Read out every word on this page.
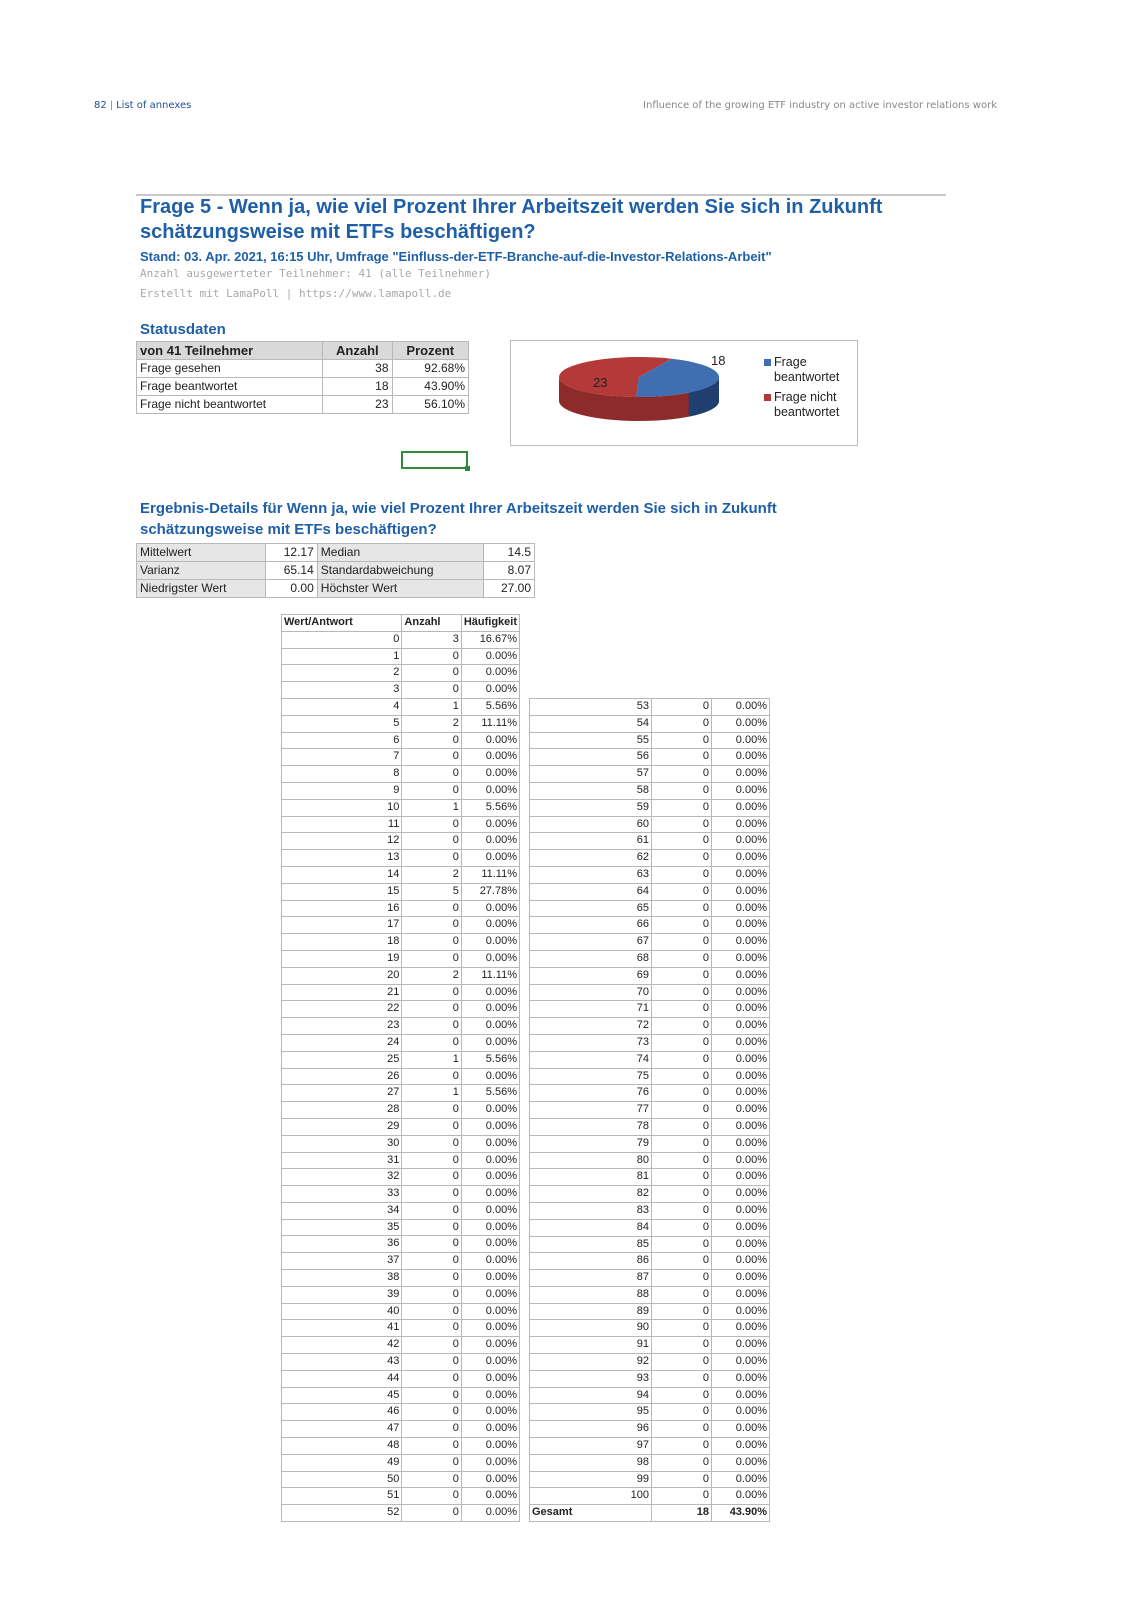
82 | List of annexes	Influence of the growing ETF industry on active investor relations work
Frage 5 - Wenn ja, wie viel Prozent Ihrer Arbeitszeit werden Sie sich in Zukunft schätzungsweise mit ETFs beschäftigen?
Stand: 03. Apr. 2021, 16:15 Uhr, Umfrage "Einfluss-der-ETF-Branche-auf-die-Investor-Relations-Arbeit"
Anzahl ausgewerteter Teilnehmer: 41 (alle Teilnehmer)
Erstellt mit LamaPoll | https://www.lamapoll.de
Statusdaten
von 41 Teilnehmer	Anzahl	Prozent
Frage gesehen	38	92.68%
Frage beantwortet	18	43.90%
Frage nicht beantwortet	23	56.10%
18
23
Frage beantwortet
Frage nicht beantwortet
Ergebnis-Details für Wenn ja, wie viel Prozent Ihrer Arbeitszeit werden Sie sich in Zukunft schätzungsweise mit ETFs beschäftigen?
Mittelwert	12.17	Median	14.5
Varianz	65.14	Standardabweichung	8.07
Niedrigster Wert	0.00	Höchster Wert	27.00
Wert/Antwort	Anzahl	Häufigkeit
0	3	16.67%
1	0	0.00%
2	0	0.00%
3	0	0.00%
4	1	5.56%
5	2	11.11%
6	0	0.00%
7	0	0.00%
8	0	0.00%
9	0	0.00%
10	1	5.56%
11	0	0.00%
12	0	0.00%
13	0	0.00%
14	2	11.11%
15	5	27.78%
16	0	0.00%
17	0	0.00%
18	0	0.00%
19	0	0.00%
20	2	11.11%
21	0	0.00%
22	0	0.00%
23	0	0.00%
24	0	0.00%
25	1	5.56%
26	0	0.00%
27	1	5.56%
28	0	0.00%
29	0	0.00%
30	0	0.00%
31	0	0.00%
32	0	0.00%
33	0	0.00%
34	0	0.00%
35	0	0.00%
36	0	0.00%
37	0	0.00%
38	0	0.00%
39	0	0.00%
40	0	0.00%
41	0	0.00%
42	0	0.00%
43	0	0.00%
44	0	0.00%
45	0	0.00%
46	0	0.00%
47	0	0.00%
48	0	0.00%
49	0	0.00%
50	0	0.00%
51	0	0.00%
52	0	0.00%
53	0	0.00%
54	0	0.00%
55	0	0.00%
56	0	0.00%
57	0	0.00%
58	0	0.00%
59	0	0.00%
60	0	0.00%
61	0	0.00%
62	0	0.00%
63	0	0.00%
64	0	0.00%
65	0	0.00%
66	0	0.00%
67	0	0.00%
68	0	0.00%
69	0	0.00%
70	0	0.00%
71	0	0.00%
72	0	0.00%
73	0	0.00%
74	0	0.00%
75	0	0.00%
76	0	0.00%
77	0	0.00%
78	0	0.00%
79	0	0.00%
80	0	0.00%
81	0	0.00%
82	0	0.00%
83	0	0.00%
84	0	0.00%
85	0	0.00%
86	0	0.00%
87	0	0.00%
88	0	0.00%
89	0	0.00%
90	0	0.00%
91	0	0.00%
92	0	0.00%
93	0	0.00%
94	0	0.00%
95	0	0.00%
96	0	0.00%
97	0	0.00%
98	0	0.00%
99	0	0.00%
100	0	0.00%
Gesamt	18	43.90%
